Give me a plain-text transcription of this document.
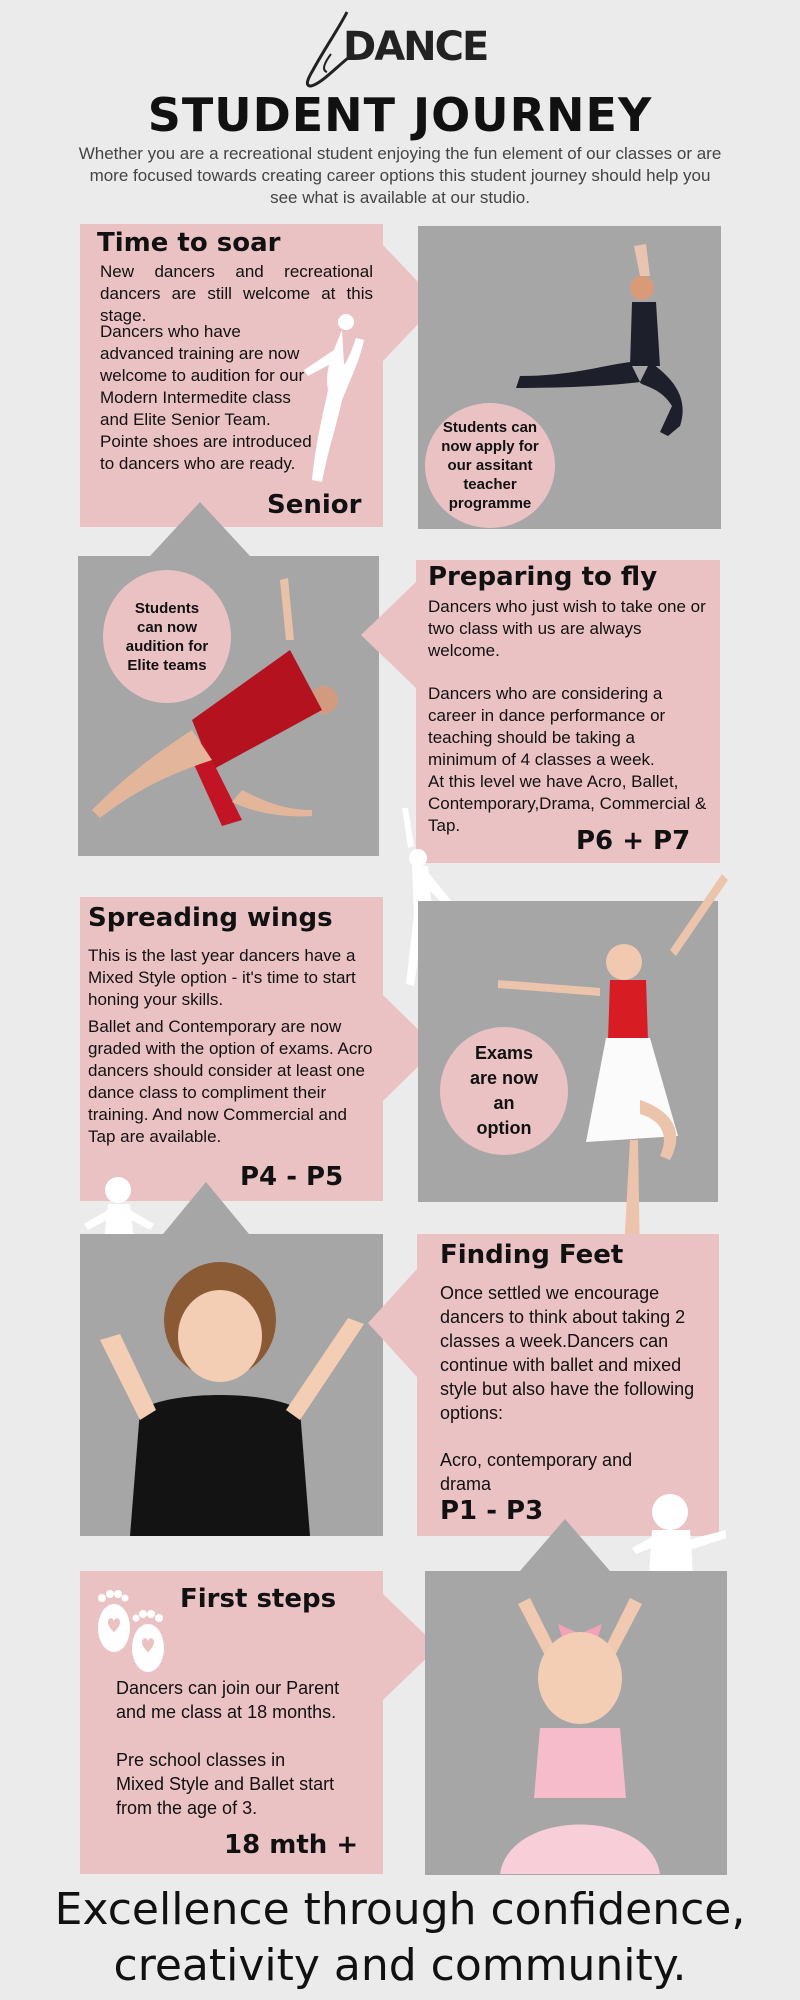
DANCE
STUDENT JOURNEY
Whether you are a recreational student enjoying the fun element of our classes or are more focused towards creating career options this student journey should help you see what is available at our studio.
Time to soar
New dancers and recreational dancers are still welcome at this stage.
Dancers who have advanced training are now welcome to audition for our Modern Intermedite class and Elite Senior Team. Pointe shoes are introduced to dancers who are ready.
Senior
Students can now apply for our assitant teacher programme
Students can now audition for Elite teams
Preparing to fly
Dancers who just wish to take one or two class with us are always welcome.
Dancers who are considering a career in dance performance or teaching should be taking a minimum of 4 classes a week.
At this level we have Acro, Ballet, Contemporary,Drama, Commercial & Tap.
P6 + P7
Spreading wings
This is the last year dancers have a Mixed Style option - it's time to start honing your skills.
Ballet and Contemporary are now graded with the option of exams. Acro dancers should consider at least one dance class to compliment their training. And now Commercial and Tap are available.
P4 - P5
Exams are now an option
Finding Feet
Once settled we encourage dancers to think about taking 2 classes a week.Dancers can continue with ballet and mixed style but also have the following options:
Acro, contemporary and drama
P1 - P3
First steps
Dancers can join our Parent and me class at 18 months.
Pre school classes in Mixed Style and Ballet start from the age of 3.
18 mth +
Excellence through confidence,
creativity and community.
